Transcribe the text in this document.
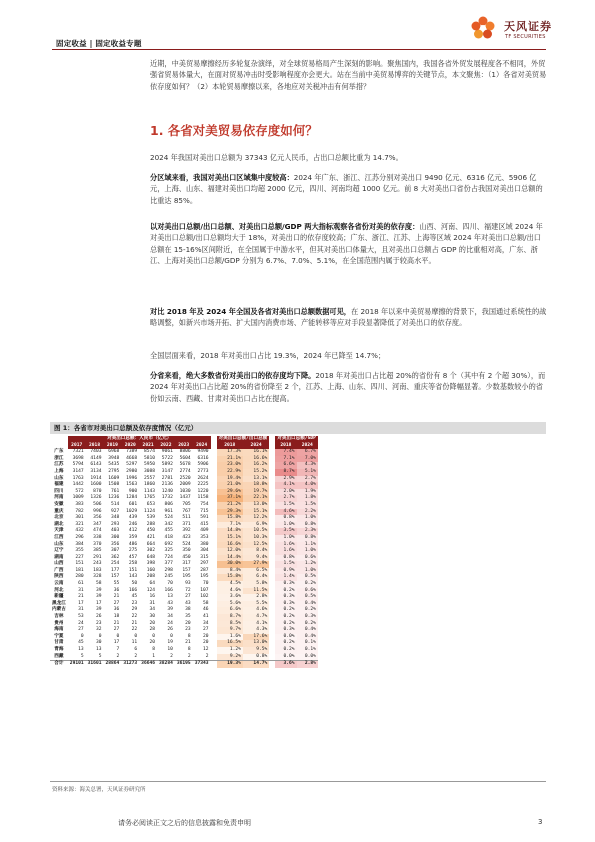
固定收益 | 固定收益专题
天风证券
TF SECURITIES

近期，中美贸易摩擦经历多轮复杂演绎，对全球贸易格局产生深刻的影响。聚焦国内，我国各省外贸发展程度各不相同，外贸强省贸易体量大，在面对贸易冲击时受影响程度亦会更大。站在当前中美贸易博弈的关键节点，本文聚焦：（1）各省对美贸易依存度如何？（2）本轮贸易摩擦以来，各地应对关税冲击有何举措？

1. 各省对美贸易依存度如何？

2024 年我国对美出口总额为 37343 亿元人民币，占出口总额比重为 14.7%。

分区域来看，我国对美出口区域集中度较高：2024 年广东、浙江、江苏分别对美出口 9490 亿元、6316 亿元、5906 亿元，上海、山东、福建对美出口均超 2000 亿元，四川、河南均超 1000 亿元。前 8 大对美出口省份占我国对美出口总额的比重达 85%。

以对美出口总额/出口总额、对美出口总额/GDP 两大指标观察各省份对美的依存度：山西、河南、四川、福建区域 2024 年对美出口总额/出口总额均大于 18%，对美出口的依存度较高；广东、浙江、江苏、上海等区域 2024 年对美出口总额/出口总额在 15-16%区间附近，在全国属于中游水平，但其对美出口体量大，且对美出口总额占 GDP 的比重相对高，广东、浙江、上海对美出口总额/GDP 分别为 6.7%、7.0%、5.1%，在全国范围内属于较高水平。

对比 2018 年及 2024 年全国及各省对美出口总额数据可见，在 2018 年以来中美贸易摩擦的背景下，我国通过系统性的战略调整，如新兴市场开拓、扩大国内消费市场、产能转移等应对手段显著降低了对美出口的依存度。

全国层面来看，2018 年对美出口占比 19.3%，2024 年已降至 14.7%；

分省来看，绝大多数省份对美出口的依存度均下降。2018 年对美出口占比超 20%的省份有 8 个（其中有 2 个超 30%），而 2024 年对美出口占比超 20%的省份降至 2 个，江苏、上海、山东、四川、河南、重庆等省份降幅显著。少数基数较小的省份如云南、西藏、甘肃对美出口占比在提高。

图 1：各省市对美出口总额及依存度情况（亿元）
	对美出口总额：人民币（亿元）									对美出口总额/出口总额			对美出口总额/GDP	
	2017	2018	2019	2020	2021	2022	2023	2024		2018	2024		2018	2024
广东	7321	7403	6968	7389	8574	9061	8806	9490		17.3%	16.1%		7.4%	6.7%
浙江	3698	4149	3948	4668	5810	5722	5604	6316		21.1%	16.6%		7.1%	7.0%
江苏	5794	6143	5435	5297	5950	5892	5678	5906		23.0%	16.2%		6.6%	4.3%
上海	3147	3134	2795	2980	3088	3147	2774	2773		22.9%	15.2%		8.7%	5.1%
山东	1763	1914	1609	1996	2557	2781	2520	2624		19.4%	13.1%		2.9%	2.7%
福建	1442	1600	1508	1563	1860	2136	2009	2225		21.0%	18.8%		4.1%	4.0%
四川	572	870	761	900	1143	1240	1030	1220		29.6%	19.7%		2.0%	1.9%
河南	1009	1326	1236	1284	1765	1732	1437	1158		37.1%	22.1%		2.7%	1.8%
安徽	383	506	514	601	653	806	705	754		21.2%	13.0%		1.5%	1.5%
重庆	782	996	927	1029	1124	961	767	715		29.3%	15.1%		4.6%	2.2%
北京	301	356	348	439	539	524	511	591		15.8%	12.2%		0.8%	1.0%
湖北	321	347	293	246	288	342	371	415		7.1%	6.9%		1.0%	0.8%
天津	432	474	403	412	450	455	392	409		14.8%	10.5%		3.5%	2.3%
江西	296	338	300	359	421	418	423	353		15.1%	10.3%		1.0%	0.8%
山东	384	370	356	486	664	692	524	380		16.6%	12.5%		1.6%	1.1%
辽宁	355	385	307	275	302	325	350	304		12.0%	8.4%		1.6%	1.0%
湖南	227	291	362	457	648	724	450	315		14.4%	9.4%		0.8%	0.6%
山西	151	243	254	258	398	377	317	297		30.0%	27.9%		1.5%	1.2%
广西	181	183	177	151	160	298	157	287		8.4%	6.5%		0.9%	1.0%
陕西	280	328	157	143	208	245	195	195		15.8%	6.4%		1.4%	0.5%
云南	61	58	55	50	64	70	93	70		4.5%	5.8%		0.3%	0.2%
河北	31	39	36	166	124	166	72	107		4.6%	11.5%		0.2%	0.6%
新疆	21	39	21	45	16	13	27	102		3.6%	2.8%		0.3%	0.5%
黑龙江	17	17	27	23	31	43	43	58		5.6%	5.5%		0.3%	0.4%
内蒙古	31	39	36	29	34	39	38	46		6.6%	4.6%		0.2%	0.2%
吉林	53	26	18	22	30	34	35	41		8.7%	4.7%		0.2%	0.3%
贵州	24	23	21	21	20	24	20	34		8.5%	4.1%		0.2%	0.2%
海南	27	32	27	22	28	26	23	27		9.7%	4.3%		0.3%	0.4%
宁夏	0	0	0	0	0	0	8	20		1.6%	17.6%		0.0%	0.4%
甘肃	45	30	17	11	20	19	21	20		16.5%	13.0%		0.2%	0.1%
青海	13	13	7	6	8	10	8	12		1.2%	9.5%		0.2%	0.1%
西藏	5	5	2	2	1	2	2	2		9.2%	0.8%		0.0%	0.0%
合计	29101	31601	28864	31273	36646	38284	36195	37343		19.3%	14.7%		3.6%	2.8%
资料来源：海关总署，天风证券研究所
请务必阅读正文之后的信息披露和免责申明	3
